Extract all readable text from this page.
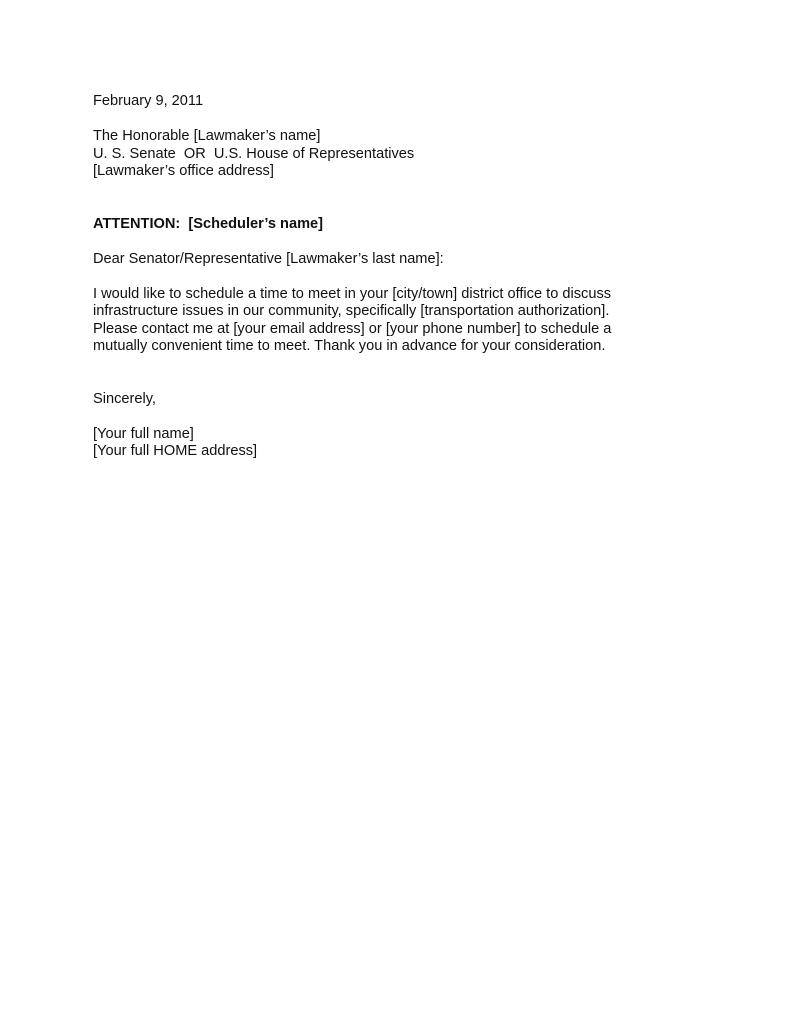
February 9, 2011
The Honorable [Lawmaker’s name]
U. S. Senate  OR  U.S. House of Representatives
[Lawmaker’s office address]
ATTENTION:  [Scheduler’s name]
Dear Senator/Representative [Lawmaker’s last name]:
I would like to schedule a time to meet in your [city/town] district office to discuss
infrastructure issues in our community, specifically [transportation authorization].
Please contact me at [your email address] or [your phone number] to schedule a
mutually convenient time to meet. Thank you in advance for your consideration.
Sincerely,
[Your full name]
[Your full HOME address]
